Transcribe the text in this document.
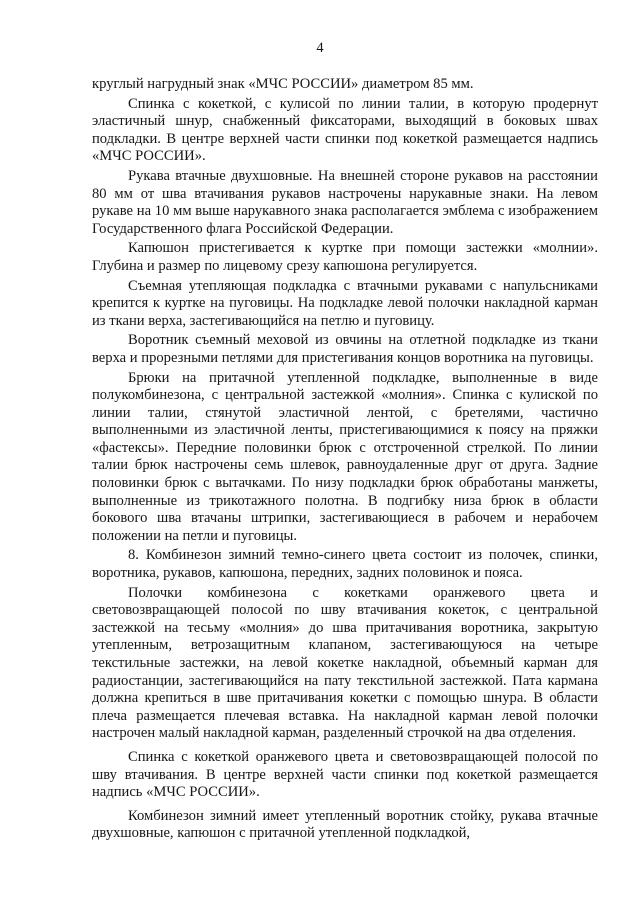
4

круглый нагрудный знак «МЧС РОССИИ» диаметром 85 мм.

Спинка с кокеткой, с кулисой по линии талии, в которую продернут эластичный шнур, снабженный фиксаторами, выходящий в боковых швах подкладки. В центре верхней части спинки под кокеткой размещается надпись «МЧС РОССИИ».

Рукава втачные двухшовные. На внешней стороне рукавов на расстоянии 80 мм от шва втачивания рукавов настрочены нарукавные знаки. На левом рукаве на 10 мм выше нарукавного знака располагается эмблема с изображением Государственного флага Российской Федерации.

Капюшон пристегивается к куртке при помощи застежки «молнии». Глубина и размер по лицевому срезу капюшона регулируется.

Съемная утепляющая подкладка с втачными рукавами с напульсниками крепится к куртке на пуговицы. На подкладке левой полочки накладной карман из ткани верха, застегивающийся на петлю и пуговицу.

Воротник съемный меховой из овчины на отлетной подкладке из ткани верха и прорезными петлями для пристегивания концов воротника на пуговицы.

Брюки на притачной утепленной подкладке, выполненные в виде полукомбинезона, с центральной застежкой «молния». Спинка с кулиской по линии талии, стянутой эластичной лентой, с бретелями, частично выполненными из эластичной ленты, пристегивающимися к поясу на пряжки «фастексы». Передние половинки брюк с отстроченной стрелкой. По линии талии брюк настрочены семь шлевок, равноудаленные друг от друга. Задние половинки брюк с вытачками. По низу подкладки брюк обработаны манжеты, выполненные из трикотажного полотна. В подгибку низа брюк в области бокового шва втачаны штрипки, застегивающиеся в рабочем и нерабочем положении на петли и пуговицы.

8. Комбинезон зимний темно-синего цвета состоит из полочек, спинки, воротника, рукавов, капюшона, передних, задних половинок и пояса.

Полочки комбинезона с кокетками оранжевого цвета и световозвращающей полосой по шву втачивания кокеток, с центральной застежкой на тесьму «молния» до шва притачивания воротника, закрытую утепленным, ветрозащитным клапаном, застегивающуюся на четыре текстильные застежки, на левой кокетке накладной, объемный карман для радиостанции, застегивающийся на пату текстильной застежкой. Пата кармана должна крепиться в шве притачивания кокетки с помощью шнура. В области плеча размещается плечевая вставка. На накладной карман левой полочки настрочен малый накладной карман, разделенный строчкой на два отделения.

Спинка с кокеткой оранжевого цвета и световозвращающей полосой по шву втачивания. В центре верхней части спинки под кокеткой размещается надпись «МЧС РОССИИ».

Комбинезон зимний имеет утепленный воротник стойку, рукава втачные двухшовные, капюшон с притачной утепленной подкладкой,
